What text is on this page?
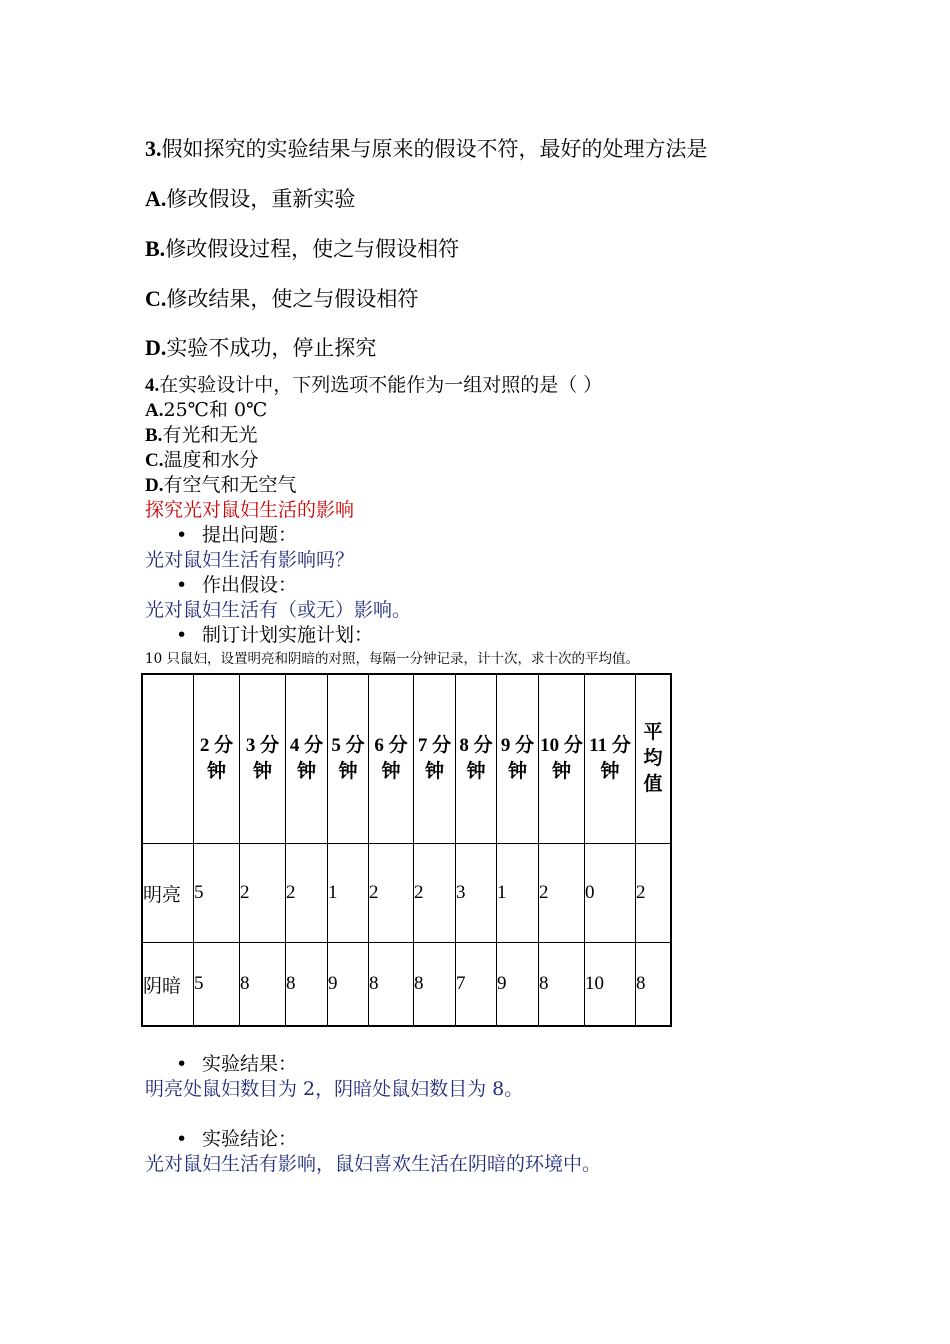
3.假如探究的实验结果与原来的假设不符，最好的处理方法是
A.修改假设，重新实验
B.修改假设过程，使之与假设相符
C.修改结果，使之与假设相符
D.实验不成功，停止探究
4.在实验设计中，下列选项不能作为一组对照的是（ ）
A.25℃和 0℃
B.有光和无光
C.温度和水分
D.有空气和无空气
探究光对鼠妇生活的影响
• 提出问题：
光对鼠妇生活有影响吗？
• 作出假设：
光对鼠妇生活有（或无）影响。
• 制订计划实施计划：
10 只鼠妇，设置明亮和阴暗的对照，每隔一分钟记录，计十次，求十次的平均值。
	2 分钟	3 分钟	4 分钟	5 分钟	6 分钟	7 分钟	8 分钟	9 分钟	10 分钟	11 分钟	平均值
明亮	5	2	2	1	2	2	3	1	2	0	2
阴暗	5	8	8	9	8	8	7	9	8	10	8
• 实验结果：
明亮处鼠妇数目为 2，阴暗处鼠妇数目为 8。
• 实验结论：
光对鼠妇生活有影响，鼠妇喜欢生活在阴暗的环境中。
